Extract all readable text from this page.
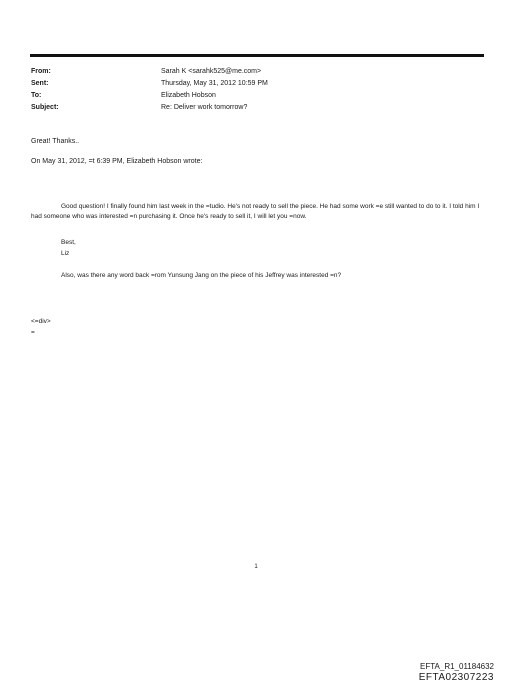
From:	Sarah K <sarahk525@me.com>
Sent:	Thursday, May 31, 2012 10:59 PM
To:	Elizabeth Hobson
Subject:	Re: Deliver work tomorrow?
Great! Thanks..
On May 31, 2012, =t 6:39 PM, Elizabeth Hobson wrote:
Good question! I finally found him last week in the =tudio. He's not ready to sell the piece. He had some work =e still wanted to do to it. I told him I had someone who was interested =n purchasing it. Once he's ready to sell it, I will let you =now.
Best,
Liz
Also, was there any word back =rom Yunsung Jang on the piece of his Jeffrey was interested =n?
<=div>
=
1
EFTA_R1_01184632
EFTA02307223
